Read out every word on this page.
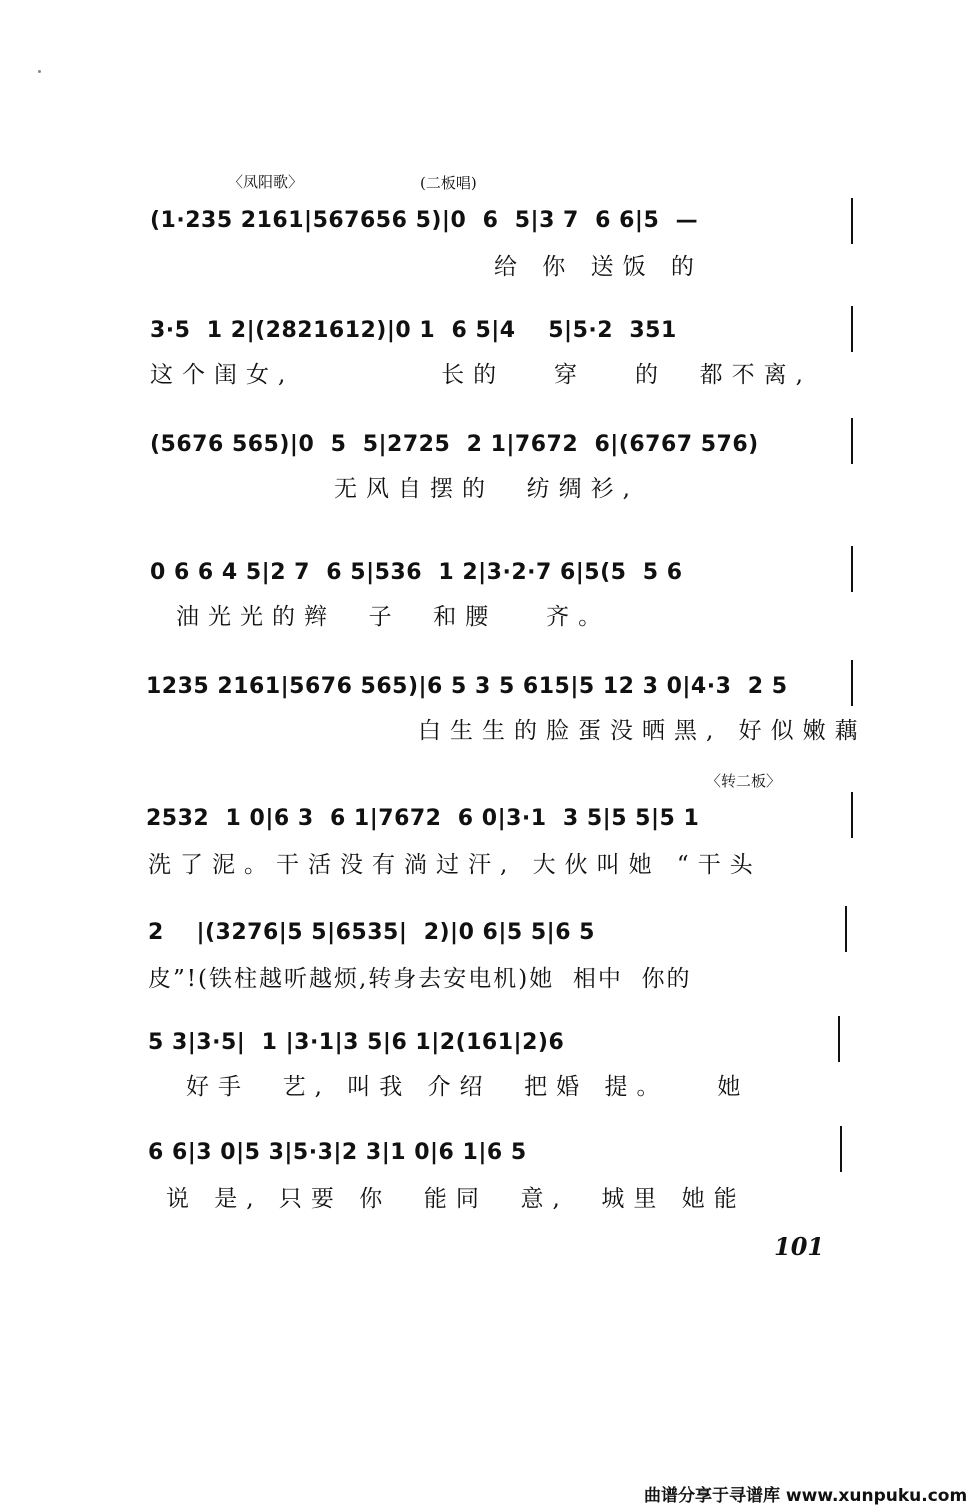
〈凤阳歌〉	(二板唱)
〈转二板〉
(1·235 2161|567656 5)|0  6  5|3 7  6 6|5  —
给 你 送饭 的
3·5  1 2|(2821612)|0 1  6 5|4    5|5·2  351
这个闺女,         长的   穿   的  都不离,
(5676 565)|0  5  5|2725  2 1|7672  6|(6767 576)
无风自摆的  纺绸衫,
0 6 6 4 5|2 7  6 5|536  1 2|3·2·7 6|5(5  5 6
油光光的辫  子  和腰   齐。
1235 2161|5676 565)|6 5 3 5 615|5 12 3 0|4·3  2 5
白生生的脸蛋没晒黑, 好似嫩藕
2532  1 0|6 3  6 1|7672  6 0|3·1  3 5|5 5|5 1
洗了泥。干活没有淌过汗, 大伙叫她 “干头
2    |(3276|5 5|6535|  2)|0 6|5 5|6 5
皮”!(铁柱越听越烦,转身去安电机)她  相中  你的
5 3|3·5|  1 |3·1|3 5|6 1|2(161|2)6
好手  艺, 叫我 介绍  把婚 提。   她
6 6|3 0|5 3|5·3|2 3|1 0|6 1|6 5
说 是, 只要 你  能同  意,  城里 她能
101
曲谱分享于寻谱库 www.xunpuku.com
